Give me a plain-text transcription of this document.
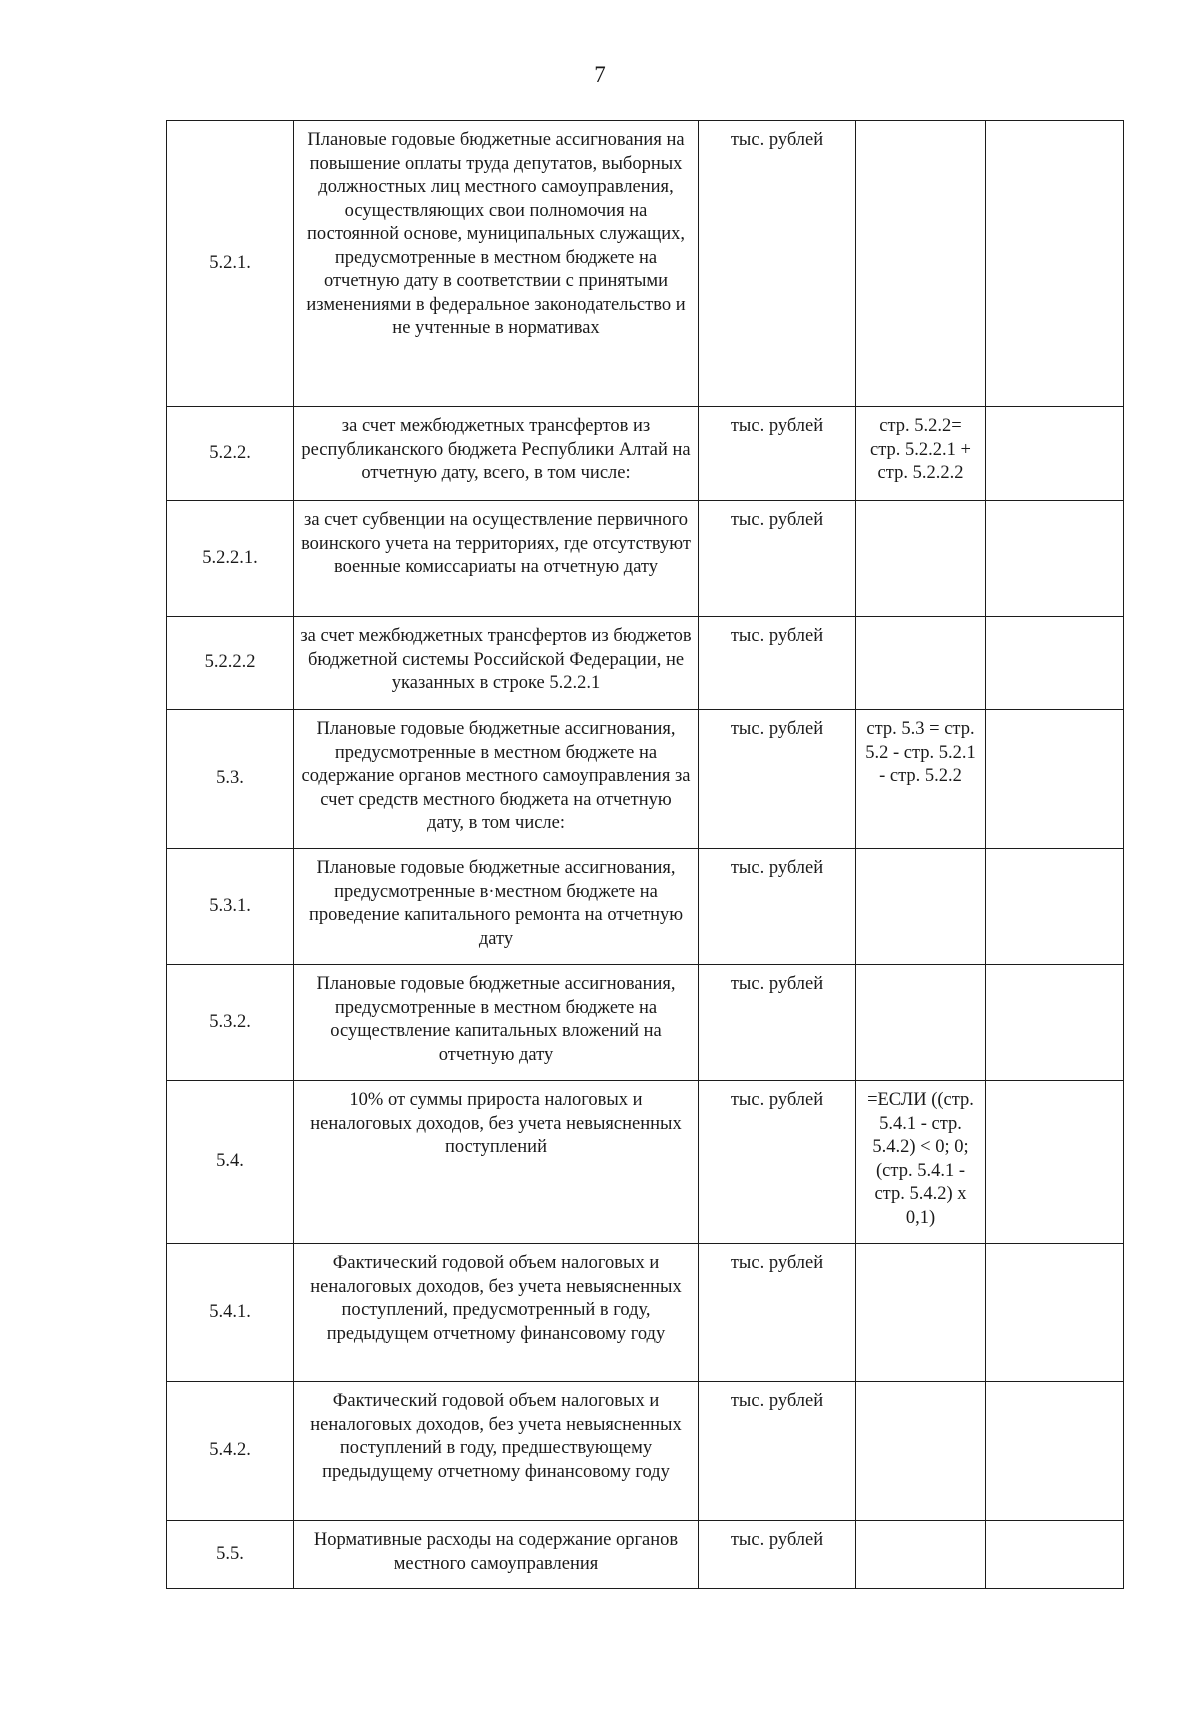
7
5.2.1.	Плановые годовые бюджетные ассигнования на повышение оплаты труда депутатов, выборных должностных лиц местного самоуправления, осуществляющих свои полномочия на постоянной основе, муниципальных служащих, предусмотренные в местном бюджете на отчетную дату в соответствии с принятыми изменениями в федеральное законодательство и не учтенные в нормативах	тыс. рублей		
5.2.2.	за счет межбюджетных трансфертов из республиканского бюджета Республики Алтай на отчетную дату, всего, в том числе:	тыс. рублей	стр. 5.2.2= стр. 5.2.2.1 + стр. 5.2.2.2	
5.2.2.1.	за счет субвенции на осуществление первичного воинского учета на территориях, где отсутствуют военные комиссариаты на отчетную дату	тыс. рублей		
5.2.2.2	за счет межбюджетных трансфертов из бюджетов бюджетной системы Российской Федерации, не указанных в строке 5.2.2.1	тыс. рублей		
5.3.	Плановые годовые бюджетные ассигнования, предусмотренные в местном бюджете на содержание органов местного самоуправления за счет средств местного бюджета на отчетную дату, в том числе:	тыс. рублей	стр. 5.3 = стр. 5.2 - стр. 5.2.1 - стр. 5.2.2	
5.3.1.	Плановые годовые бюджетные ассигнования, предусмотренные в·местном бюджете на проведение капитального ремонта на отчетную дату	тыс. рублей		
5.3.2.	Плановые годовые бюджетные ассигнования, предусмотренные в местном бюджете на осуществление капитальных вложений на отчетную дату	тыс. рублей		
5.4.	10% от суммы прироста налоговых и неналоговых доходов, без учета невыясненных поступлений	тыс. рублей	=ЕСЛИ ((стр. 5.4.1 - стр. 5.4.2) < 0; 0; (стр. 5.4.1 - стр. 5.4.2) х 0,1)	
5.4.1.	Фактический годовой объем налоговых и неналоговых доходов, без учета невыясненных поступлений, предусмотренный в году, предыдущем отчетному финансовому году	тыс. рублей		
5.4.2.	Фактический годовой объем налоговых и неналоговых доходов, без учета невыясненных поступлений в году, предшествующему предыдущему отчетному финансовому году	тыс. рублей		
5.5.	Нормативные расходы на содержание органов местного самоуправления	тыс. рублей		
